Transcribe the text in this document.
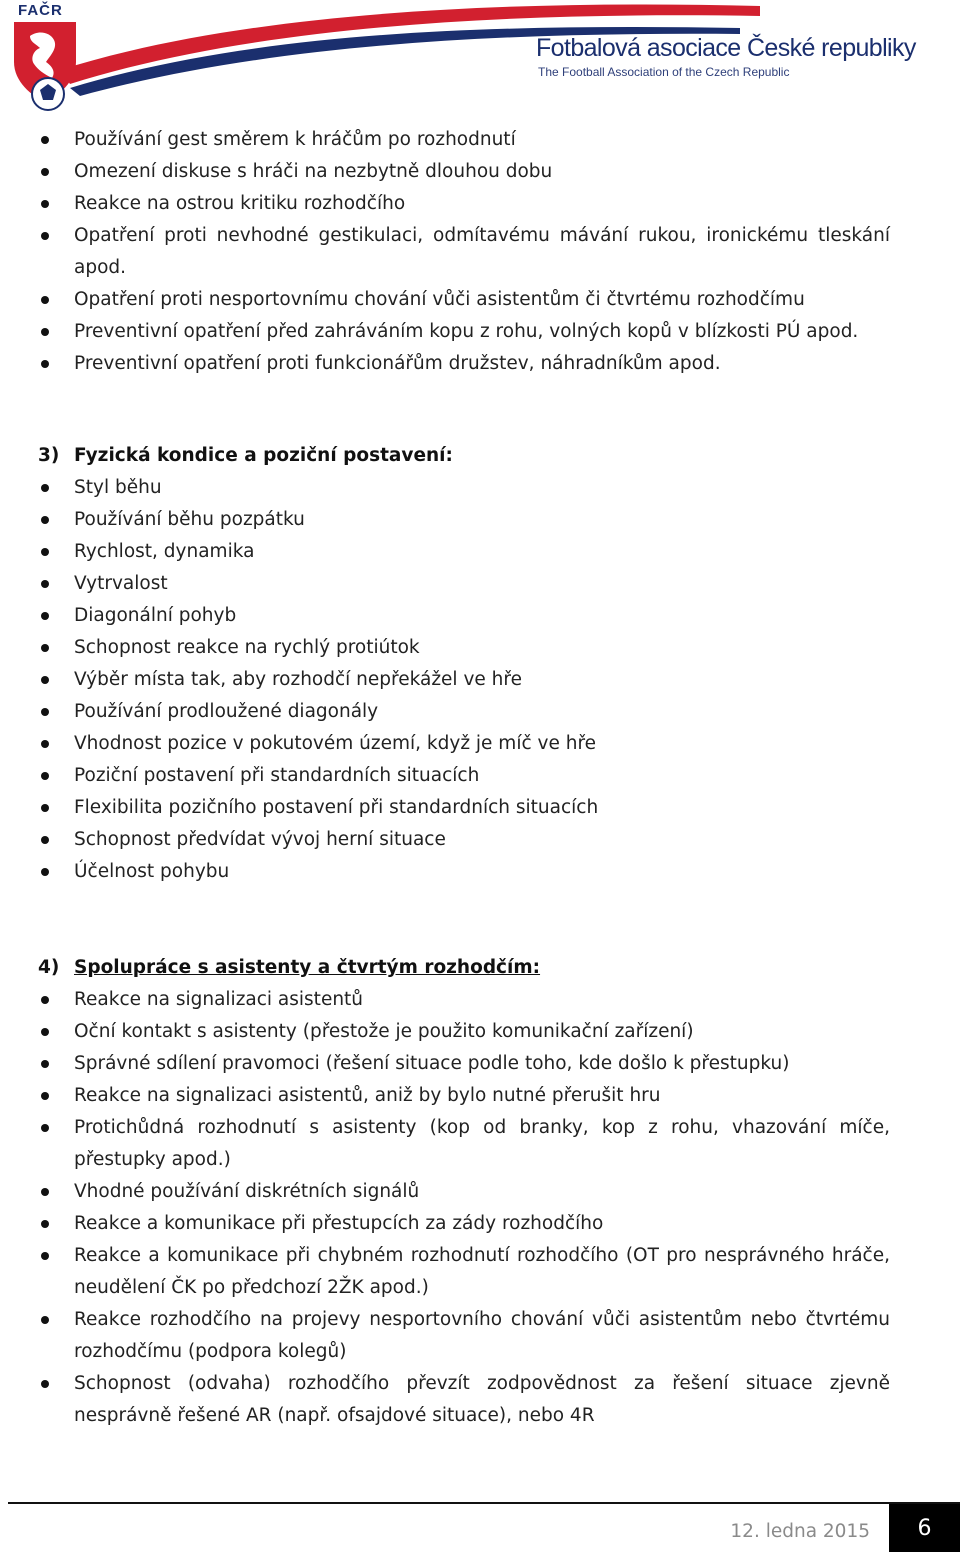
FAČR
Fotbalová asociace České republiky
The Football Association of the Czech Republic
Používání gest směrem k hráčům po rozhodnutí
Omezení diskuse s hráči na nezbytně dlouhou dobu
Reakce na ostrou kritiku rozhodčího
Opatření proti nevhodné gestikulaci, odmítavému mávání rukou, ironickému tleskání apod.
Opatření proti nesportovnímu chování vůči asistentům či čtvrtému rozhodčímu
Preventivní opatření před zahráváním kopu z rohu, volných kopů v blízkosti PÚ apod.
Preventivní opatření proti funkcionářům družstev, náhradníkům apod.
3) Fyzická kondice a poziční postavení:
Styl běhu
Používání běhu pozpátku
Rychlost, dynamika
Vytrvalost
Diagonální pohyb
Schopnost reakce na rychlý protiútok
Výběr místa tak, aby rozhodčí nepřekážel ve hře
Používání prodloužené diagonály
Vhodnost pozice v pokutovém území, když je míč ve hře
Poziční postavení při standardních situacích
Flexibilita pozičního postavení při standardních situacích
Schopnost předvídat vývoj herní situace
Účelnost pohybu
4) Spolupráce s asistenty a čtvrtým rozhodčím:
Reakce na signalizaci asistentů
Oční kontakt s asistenty (přestože je použito komunikační zařízení)
Správné sdílení pravomoci (řešení situace podle toho, kde došlo k přestupku)
Reakce na signalizaci asistentů, aniž by bylo nutné přerušit hru
Protichůdná rozhodnutí s asistenty (kop od branky, kop z rohu, vhazování míče, přestupky apod.)
Vhodné používání diskrétních signálů
Reakce a komunikace při přestupcích za zády rozhodčího
Reakce a komunikace při chybném rozhodnutí rozhodčího (OT pro nesprávného hráče, neudělení ČK po předchozí 2ŽK apod.)
Reakce rozhodčího na projevy nesportovního chování vůči asistentům nebo čtvrtému rozhodčímu (podpora kolegů)
Schopnost (odvaha) rozhodčího převzít zodpovědnost za řešení situace zjevně nesprávně řešené AR (např. ofsajdové situace), nebo 4R
12. ledna 2015	6
